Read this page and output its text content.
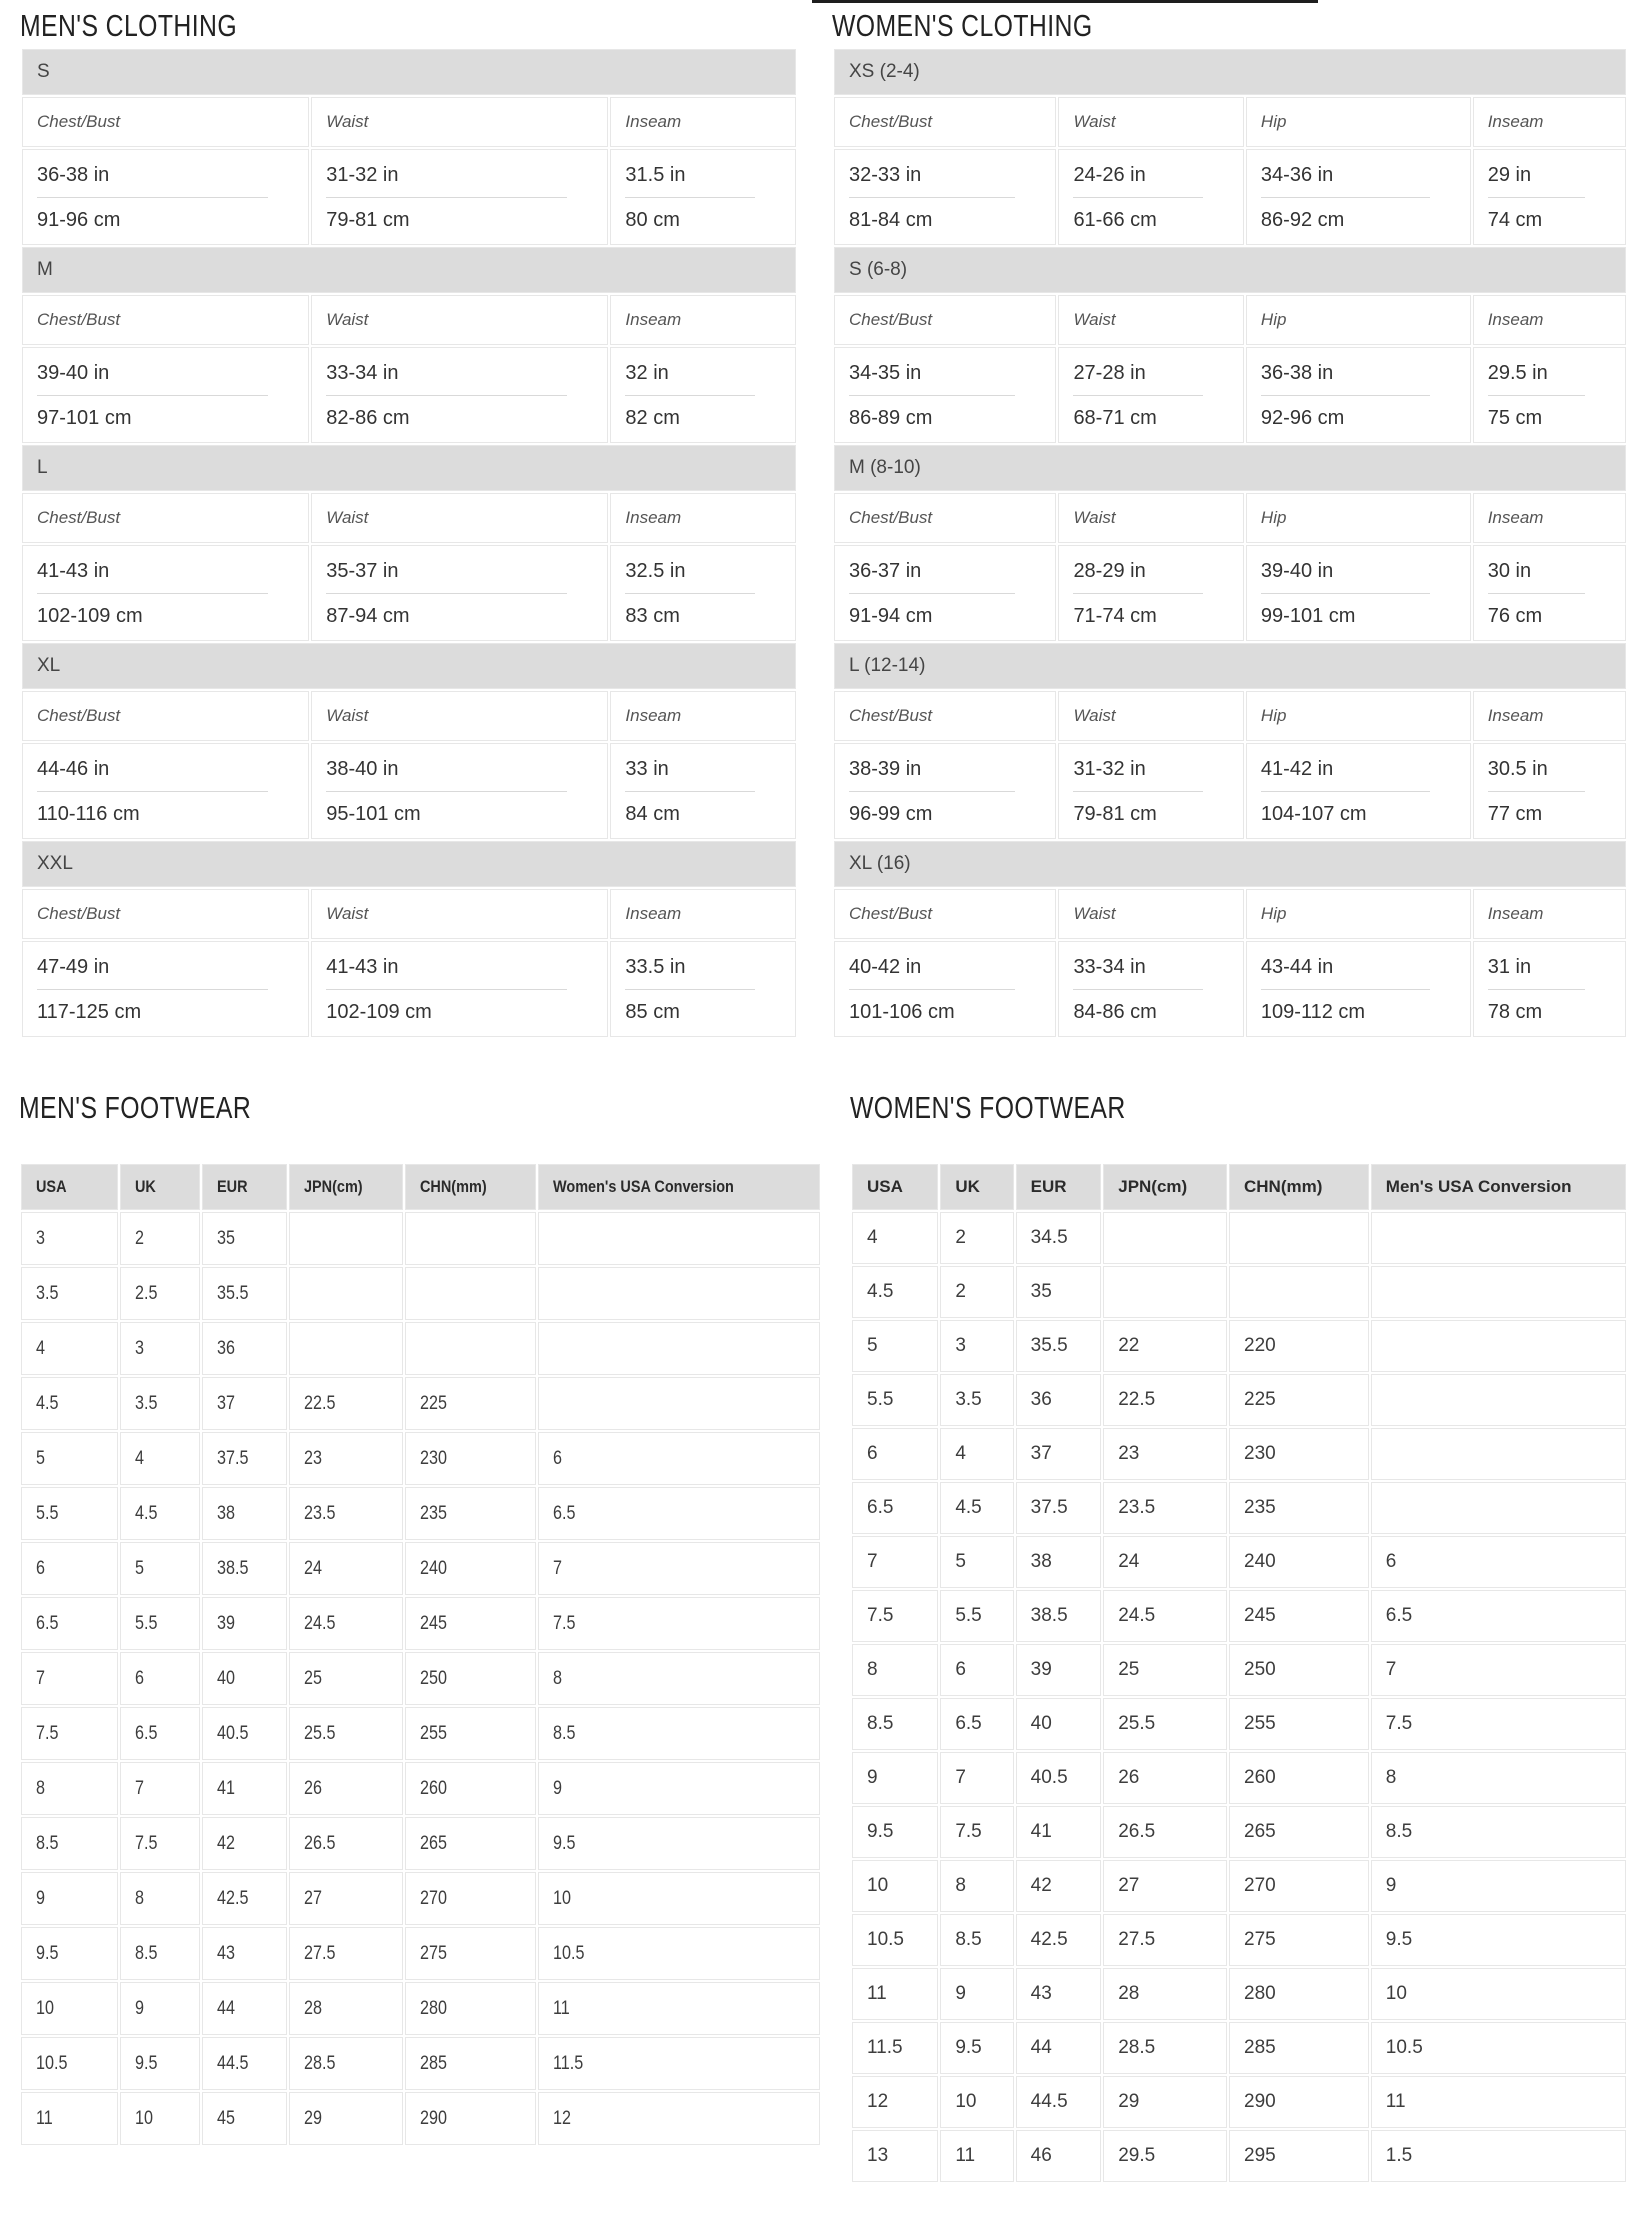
MEN'S CLOTHING
S		
Chest/Bust	Waist	Inseam

36-38 in
91-96 cm

31-32 in
79-81 cm

31.5 in
80 cm

M		
Chest/Bust	Waist	Inseam

39-40 in
97-101 cm

33-34 in
82-86 cm

32 in
82 cm

L		
Chest/Bust	Waist	Inseam

41-43 in
102-109 cm

35-37 in
87-94 cm

32.5 in
83 cm

XL		
Chest/Bust	Waist	Inseam

44-46 in
110-116 cm

38-40 in
95-101 cm

33 in
84 cm

XXL		
Chest/Bust	Waist	Inseam

47-49 in
117-125 cm

41-43 in
102-109 cm

33.5 in
85 cm
WOMEN'S CLOTHING
XS (2-4)			
Chest/Bust	Waist	Hip	Inseam

32-33 in
81-84 cm

24-26 in
61-66 cm

34-36 in
86-92 cm

29 in
74 cm

S (6-8)			
Chest/Bust	Waist	Hip	Inseam

34-35 in
86-89 cm

27-28 in
68-71 cm

36-38 in
92-96 cm

29.5 in
75 cm

M (8-10)			
Chest/Bust	Waist	Hip	Inseam

36-37 in
91-94 cm

28-29 in
71-74 cm

39-40 in
99-101 cm

30 in
76 cm

L (12-14)			
Chest/Bust	Waist	Hip	Inseam

38-39 in
96-99 cm

31-32 in
79-81 cm

41-42 in
104-107 cm

30.5 in
77 cm

XL (16)			
Chest/Bust	Waist	Hip	Inseam

40-42 in
101-106 cm

33-34 in
84-86 cm

43-44 in
109-112 cm

31 in
78 cm
MEN'S FOOTWEAR
USA	UK	EUR	JPN(cm)	CHN(mm)	Women's USA Conversion
3	2	35			
3.5	2.5	35.5			
4	3	36			
4.5	3.5	37	22.5	225	
5	4	37.5	23	230	6
5.5	4.5	38	23.5	235	6.5
6	5	38.5	24	240	7
6.5	5.5	39	24.5	245	7.5
7	6	40	25	250	8
7.5	6.5	40.5	25.5	255	8.5
8	7	41	26	260	9
8.5	7.5	42	26.5	265	9.5
9	8	42.5	27	270	10
9.5	8.5	43	27.5	275	10.5
10	9	44	28	280	11
10.5	9.5	44.5	28.5	285	11.5
11	10	45	29	290	12
WOMEN'S FOOTWEAR
USA	UK	EUR	JPN(cm)	CHN(mm)	Men's USA Conversion
4	2	34.5			
4.5	2	35			
5	3	35.5	22	220	
5.5	3.5	36	22.5	225	
6	4	37	23	230	
6.5	4.5	37.5	23.5	235	
7	5	38	24	240	6
7.5	5.5	38.5	24.5	245	6.5
8	6	39	25	250	7
8.5	6.5	40	25.5	255	7.5
9	7	40.5	26	260	8
9.5	7.5	41	26.5	265	8.5
10	8	42	27	270	9
10.5	8.5	42.5	27.5	275	9.5
11	9	43	28	280	10
11.5	9.5	44	28.5	285	10.5
12	10	44.5	29	290	11
13	11	46	29.5	295	1.5
